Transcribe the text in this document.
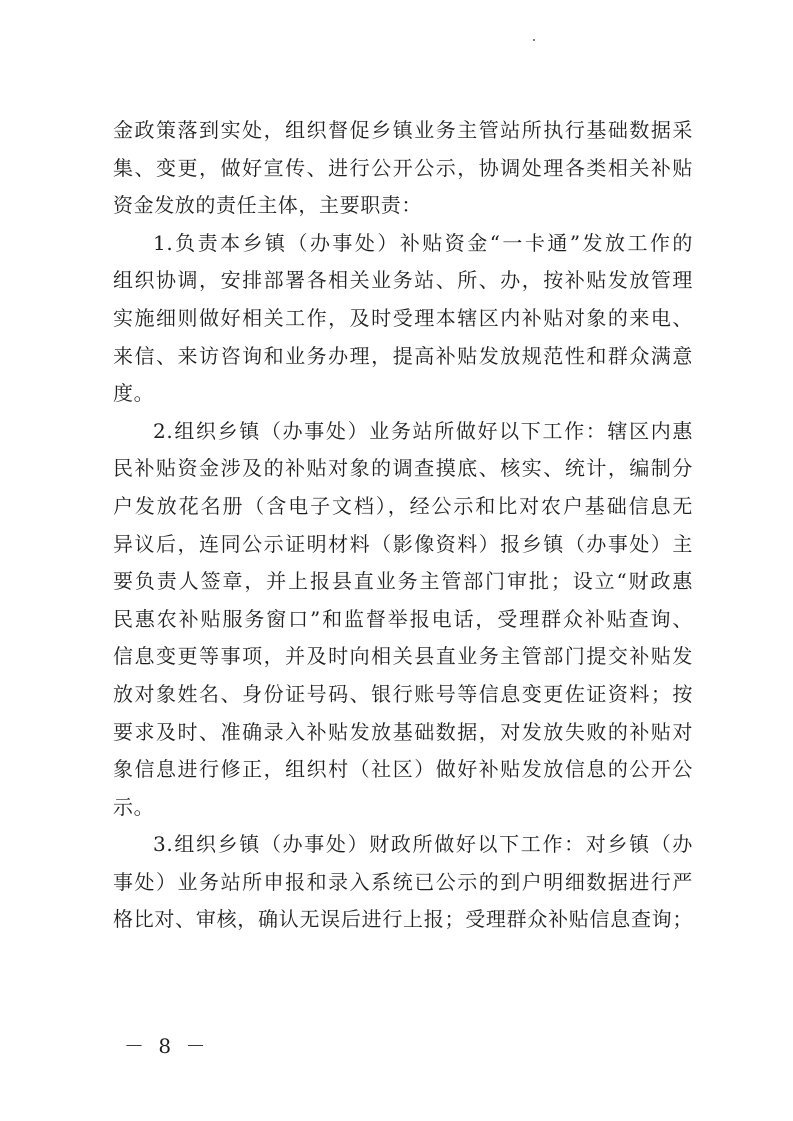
金政策落到实处，组织督促乡镇业务主管站所执行基础数据采
集、变更，做好宣传、进行公开公示，协调处理各类相关补贴
资金发放的责任主体，主要职责：
1.负责本乡镇（办事处）补贴资金“一卡通”发放工作的
组织协调，安排部署各相关业务站、所、办，按补贴发放管理
实施细则做好相关工作，及时受理本辖区内补贴对象的来电、
来信、来访咨询和业务办理，提高补贴发放规范性和群众满意
度。
2.组织乡镇（办事处）业务站所做好以下工作：辖区内惠
民补贴资金涉及的补贴对象的调查摸底、核实、统计，编制分
户发放花名册（含电子文档），经公示和比对农户基础信息无
异议后，连同公示证明材料（影像资料）报乡镇（办事处）主
要负责人签章，并上报县直业务主管部门审批；设立“财政惠
民惠农补贴服务窗口”和监督举报电话，受理群众补贴查询、
信息变更等事项，并及时向相关县直业务主管部门提交补贴发
放对象姓名、身份证号码、银行账号等信息变更佐证资料；按
要求及时、准确录入补贴发放基础数据，对发放失败的补贴对
象信息进行修正，组织村（社区）做好补贴发放信息的公开公
示。
3.组织乡镇（办事处）财政所做好以下工作：对乡镇（办
事处）业务站所申报和录入系统已公示的到户明细数据进行严
格比对、审核，确认无误后进行上报；受理群众补贴信息查询；
－ 8 －
